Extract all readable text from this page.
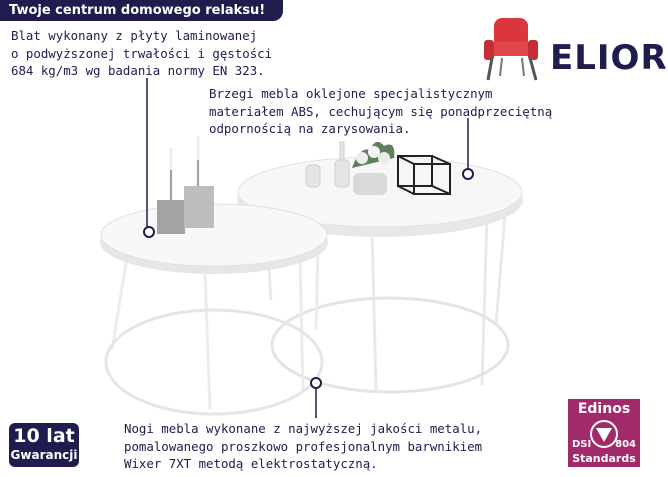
Twoje centrum domowego relaksu!
ELIOR
Blat wykonany z płyty laminowanej
o podwyższonej trwałości i gęstości
684 kg/m3 wg badania normy EN 323.
Brzegi mebla oklejone specjalistycznym
materiałem ABS, cechującym się ponadprzeciętną
odpornością na zarysowania.
Nogi mebla wykonane z najwyższej jakości metalu,
pomalowanego proszkowo profesjonalnym barwnikiem
Wixer 7XT metodą elektrostatyczną.
10 lat
Gwarancji
Edinos
DSI 804
Standards
